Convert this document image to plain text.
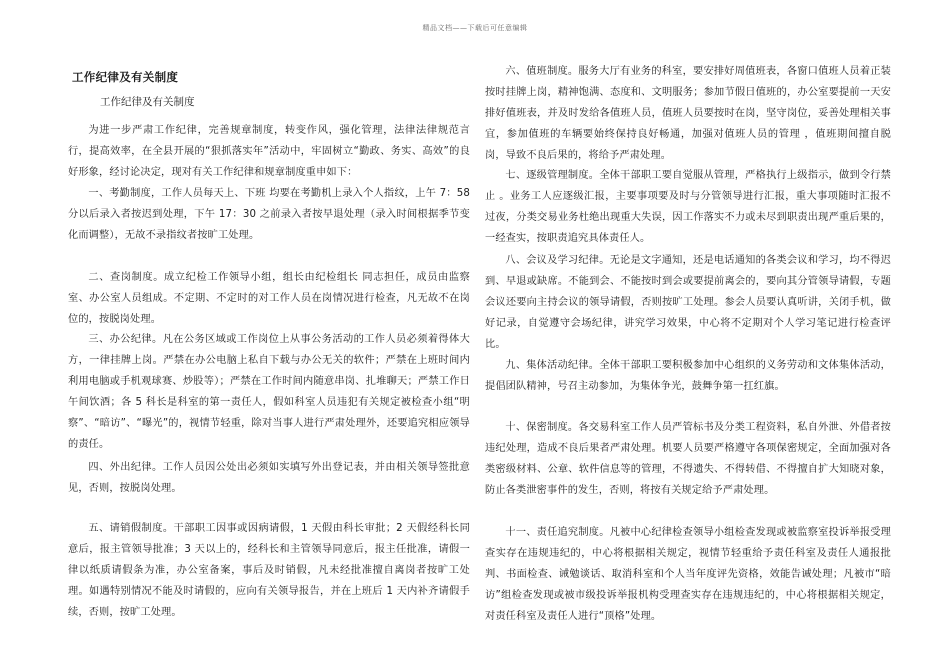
精品文档——下载后可任意编辑
工作纪律及有关制度

工作纪律及有关制度

为进一步严肃工作纪律，完善规章制度，转变作风，强化管理，法律法律规范言行，提高效率，在全县开展的“狠抓落实年”活动中，牢固树立“勤政、务实、高效”的良好形象，经讨论决定，现对有关工作纪律和规章制度重申如下：

一、考勤制度，工作人员每天上、下班 均要在考勤机上录入个人指纹，上午 7：58 分以后录入者按迟到处理，下午 17：30 之前录入者按早退处理（录入时间根据季节变化而调整），无故不录指纹者按旷工处理。

二、查岗制度。成立纪检工作领导小组，组长由纪检组长 同志担任，成员由监察室、办公室人员组成。不定期、不定时的对工作人员在岗情况进行检查，凡无故不在岗位的，按脱岗处理。

三、办公纪律。凡在公务区域或工作岗位上从事公务活动的工作人员必须着得体大方，一律挂牌上岗。严禁在办公电脑上私自下载与办公无关的软件；严禁在上班时间内利用电脑或手机观球赛、炒股等）；严禁在工作时间内随意串岗、扎堆聊天；严禁工作日午间饮酒；各 5 科长是科室的第一责任人，假如科室人员违犯有关规定被检查小组“明察”、“暗访”、“曝光”的，视情节轻重，除对当事人进行严肃处理外，还要追究相应领导的责任。

四、外出纪律。工作人员因公处出必须如实填写外出登记表，并由相关领导签批意见，否则，按脱岗处理。

五、请销假制度。干部职工因事或因病请假，1 天假由科长审批；2 天假经科长同意后，报主管领导批准；3 天以上的，经科长和主管领导同意后，报主任批准，请假一律以纸质请假条为准，办公室备案，事后及时销假，凡未经批准擅自离岗者按旷工处理。如遇特别情况不能及时请假的，应向有关领导报告，并在上班后 1 天内补齐请假手续，否则，按旷工处理。

六、值班制度。服务大厅有业务的科室，要安排好周值班表，各窗口值班人员着正装按时挂牌上岗，精神饱满、态度和、文明服务；参加节假日值班的，办公室要提前一天安排好值班表，并及时发给各值班人员，值班人员要按时在岗，坚守岗位，妥善处理相关事宜，参加值班的车辆要始终保持良好畅通，加强对值班人员的管理 ，值班期间擅自脱岗，导致不良后果的，将给予严肃处理。

七、逐级管理制度。全体干部职工要自觉服从管理，严格执行上级指示，做到令行禁止 。业务工人应逐级汇报，主要事项要及时与分管领导进行汇报，重大事项随时汇报不过夜，分类交易业务杜绝出现重大失误，因工作落实不力或未尽到职责出现严重后果的，一经查实，按职责追究具体责任人。

八、会议及学习纪律。无论是文字通知，还是电话通知的各类会议和学习，均不得迟到、早退或缺席。不能到会、不能按时到会或要提前离会的，要向其分管领导请假，专题会议还要向主持会议的领导请假，否则按旷工处理。参会人员要认真听讲，关闭手机，做好记录，自觉遵守会场纪律，讲究学习效果，中心将不定期对个人学习笔记进行检查评比。

九、集体活动纪律。全体干部职工要积极参加中心组织的义务劳动和文体集体活动，提倡团队精神，号召主动参加，为集体争光，鼓舞争第一扛红旗。

十、保密制度。各交易科室工作人员严管标书及分类工程资料，私自外泄、外借者按违纪处理，造成不良后果者严肃处理。机要人员要严格遵守各项保密规定，全面加强对各类密级材料、公章、软件信息等的管理，不得遗失、不得转借、不得擅自扩大知晓对象，防止各类泄密事件的发生，否则，将按有关规定给予严肃处理。

十一、责任追究制度。凡被中心纪律检查领导小组检查发现或被监察室投诉举报受理查实存在违规违纪的，中心将根据相关规定，视情节轻重给予责任科室及责任人通报批判、书面检查、诫勉谈话、取消科室和个人当年度评先资格，效能告诫处理；凡被市“暗访”组检查发现或被市级投诉举报机构受理查实存在违规违纪的，中心将根据相关规定，对责任科室及责任人进行“顶格”处理。
